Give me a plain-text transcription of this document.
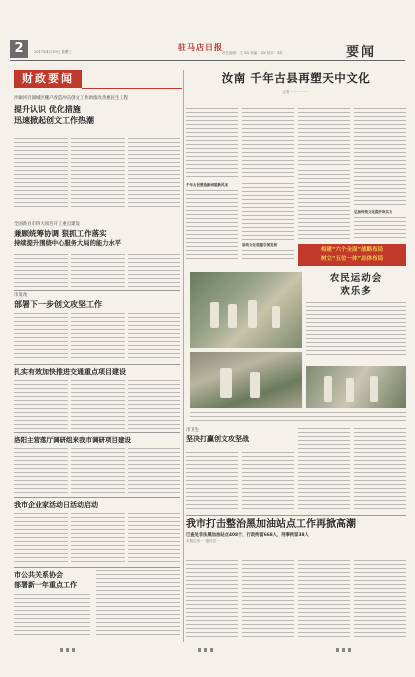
2	2017年4月19日 星期三	驻马店日报
责任编辑：王 XX 美编：XX 校对：XX	要闻
财政要闻
沙颍河百湖城区棚户改造冲击创文工作助推改善惠民生工程
提升认识 优化措施
迅速掀起创文工作热潮
全国新百市四大项目开工重点建设
兼顾统筹协调 狠抓工作落实
持续提升围绕中心服务大局的能力水平
市发改
部署下一步创文攻坚工作
扎实有效加快推进交通重点项目建设
洛阳主营落厅调研组来我市调研项目建设
我市企业家活动日活动启动
市公共关系协会
部署新一年重点工作
汝南 千年古县再塑天中文化
记者 ·················
千年古县塑造新面貌新风采
崇尚文化底蕴引领发展
弘扬传统文化提升软实力
构建“六个全面”战略布局
树立“五位一体”总体布局
农民运动会
欢乐多
市卫生
坚决打赢创文攻坚战
我市打击整治黑加油站点工作再掀高潮
已查处非法黑加油站点408个，行政拘留668人，刑事拘留38人
本报记者 ··· 通讯员 ···
